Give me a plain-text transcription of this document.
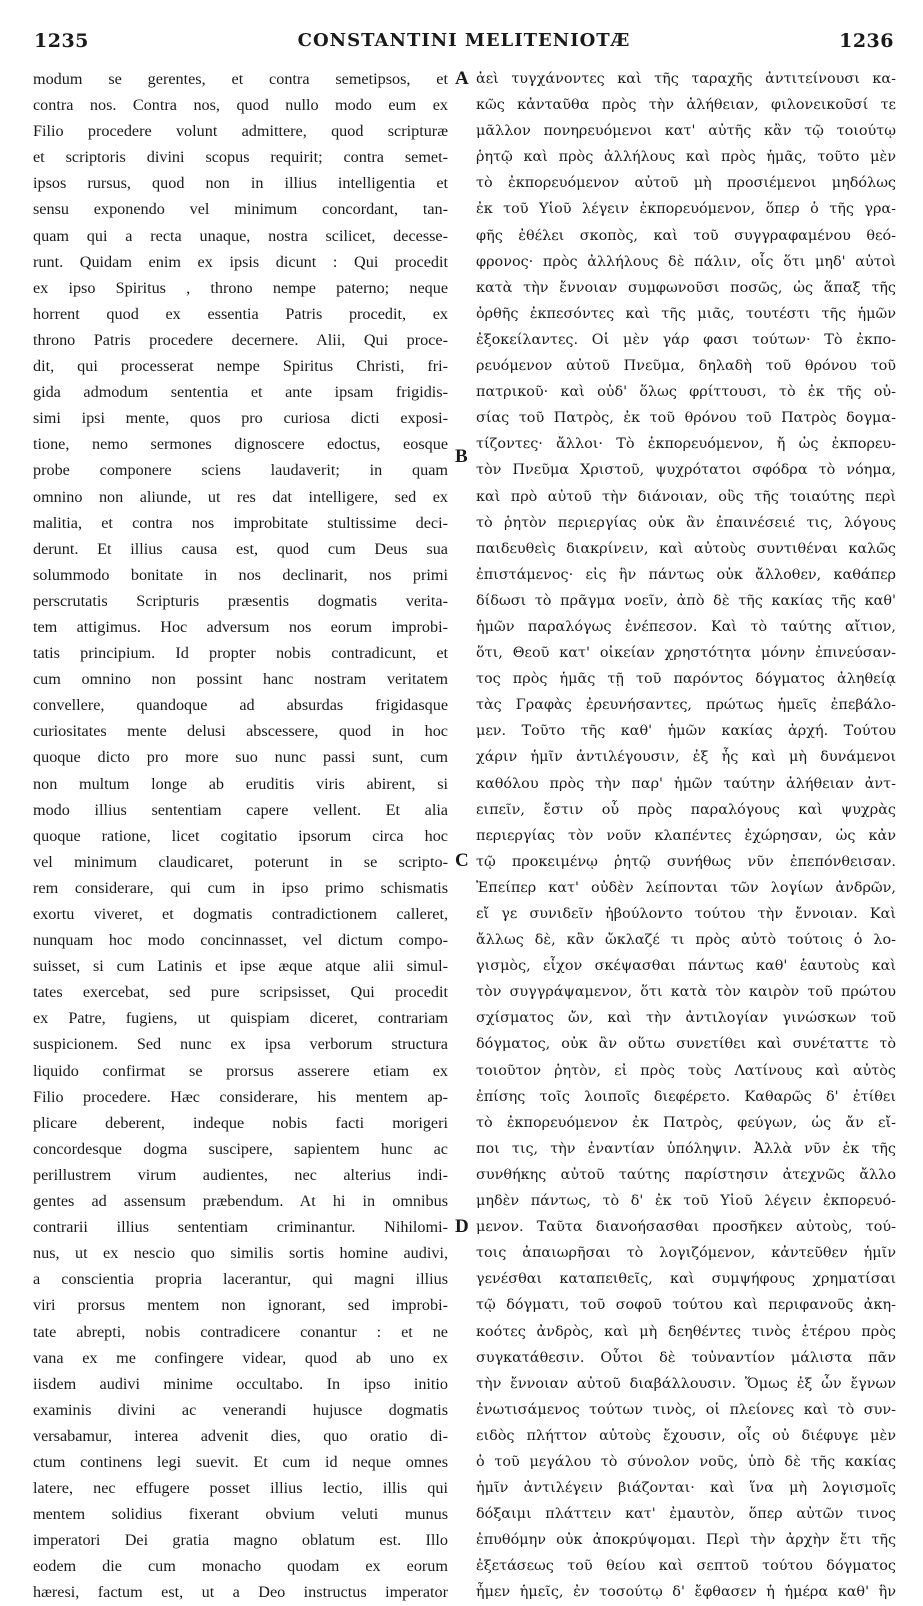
1235	CONSTANTINI MELITENIOTÆ	1236
modum se gerentes, et contra semetipsos, et
contra nos. Contra nos, quod nullo modo eum ex
Filio procedere volunt admittere, quod scripturæ
et scriptoris divini scopus requirit; contra semet-
ipsos rursus, quod non in illius intelligentia et
sensu exponendo vel minimum concordant, tan-
quam qui a recta unaque, nostra scilicet, decesse-
runt. Quidam enim ex ipsis dicunt : Qui procedit
ex ipso Spiritus , throno nempe paterno; neque
horrent quod ex essentia Patris procedit, ex
throno Patris procedere decernere. Alii, Qui proce-
dit, qui processerat nempe Spiritus Christi, fri-
gida admodum sententia et ante ipsam frigidis-
simi ipsi mente, quos pro curiosa dicti exposi-
tione, nemo sermones dignoscere edoctus, eosque
probe componere sciens laudaverit; in quam
omnino non aliunde, ut res dat intelligere, sed ex
malitia, et contra nos improbitate stultissime deci-
derunt. Et illius causa est, quod cum Deus sua
solummodo bonitate in nos declinarit, nos primi
perscrutatis Scripturis præsentis dogmatis verita-
tem attigimus. Hoc adversum nos eorum improbi-
tatis principium. Id propter nobis contradicunt, et
cum omnino non possint hanc nostram veritatem
convellere, quandoque ad absurdas frigidasque
curiositates mente delusi abscessere, quod in hoc
quoque dicto pro more suo nunc passi sunt, cum
non multum longe ab eruditis viris abirent, si
modo illius sententiam capere vellent. Et alia
quoque ratione, licet cogitatio ipsorum circa hoc
vel minimum claudicaret, poterunt in se scripto-
rem considerare, qui cum in ipso primo schismatis
exortu viveret, et dogmatis contradictionem calleret,
nunquam hoc modo concinnasset, vel dictum compo-
suisset, si cum Latinis et ipse æque atque alii simul-
tates exercebat, sed pure scripsisset, Qui procedit
ex Patre, fugiens, ut quispiam diceret, contrariam
suspicionem. Sed nunc ex ipsa verborum structura
liquido confirmat se prorsus asserere etiam ex
Filio procedere. Hæc considerare, his mentem ap-
plicare deberent, indeque nobis facti morigeri
concordesque dogma suscipere, sapientem hunc ac
perillustrem virum audientes, nec alterius indi-
gentes ad assensum præbendum. At hi in omnibus
contrarii illius sententiam criminantur. Nihilomi-
nus, ut ex nescio quo similis sortis homine audivi,
a conscientia propria lacerantur, qui magni illius
viri prorsus mentem non ignorant, sed improbi-
tate abrepti, nobis contradicere conantur : et ne
vana ex me confingere videar, quod ab uno ex
iisdem audivi minime occultabo. In ipso initio
examinis divini ac venerandi hujusce dogmatis
versabamur, interea advenit dies, quo oratio di-
ctum continens legi suevit. Et cum id neque omnes
latere, nec effugere posset illius lectio, illis qui
mentem solidius fixerant obvium veluti munus
imperatori Dei gratia magno oblatum est. Illo
eodem die cum monacho quodam ex eorum
hæresi, factum est, ut a Deo instructus imperator
ἀεὶ τυγχάνοντες καὶ τῆς ταραχῆς ἀντιτείνουσι κα-
κῶς κἀνταῦθα πρὸς τὴν ἀλήθειαν, φιλονεικοῦσί τε
μᾶλλον πονηρευόμενοι κατ' αὐτῆς κἂν τῷ τοιούτῳ
ῥητῷ καὶ πρὸς ἀλλήλους καὶ πρὸς ἡμᾶς, τοῦτο μὲν
τὸ ἐκπορευόμενον αὐτοῦ μὴ προσιέμενοι μηδόλως
ἐκ τοῦ Υἱοῦ λέγειν ἐκπορευόμενον, ὅπερ ὁ τῆς γρα-
φῆς ἐθέλει σκοπὸς, καὶ τοῦ συγγραφαμένου θεό-
φρονος· πρὸς ἀλλήλους δὲ πάλιν, οἷς ὅτι μηδ' αὐτοὶ
κατὰ τὴν ἔννοιαν συμφωνοῦσι ποσῶς, ὡς ἅπαξ τῆς
ὀρθῆς ἐκπεσόντες καὶ τῆς μιᾶς, τουτέστι τῆς ἡμῶν
ἐξοκείλαντες. Οἱ μὲν γάρ φασι τούτων· Τὸ ἐκπο-
ρευόμενον αὐτοῦ Πνεῦμα, δηλαδὴ τοῦ θρόνου τοῦ
πατρικοῦ· καὶ οὐδ' ὅλως φρίττουσι, τὸ ἐκ τῆς οὐ-
σίας τοῦ Πατρὸς, ἐκ τοῦ θρόνου τοῦ Πατρὸς δογμα-
τίζοντες· ἄλλοι· Τὸ ἐκπορευόμενον, ἤ ὡς ἐκπορευ-
τὸν Πνεῦμα Χριστοῦ, ψυχρότατοι σφόδρα τὸ νόημα,
καὶ πρὸ αὐτοῦ τὴν διάνοιαν, οὓς τῆς τοιαύτης περὶ
τὸ ῥητὸν περιεργίας οὐκ ἂν ἐπαινέσειέ τις, λόγους
παιδευθεὶς διακρίνειν, καὶ αὐτοὺς συντιθέναι καλῶς
ἐπιστάμενος· εἰς ἣν πάντως οὐκ ἄλλοθεν, καθάπερ
δίδωσι τὸ πρᾶγμα νοεῖν, ἀπὸ δὲ τῆς κακίας τῆς καθ'
ἡμῶν παραλόγως ἐνέπεσον. Καὶ τὸ ταύτης αἴτιον,
ὅτι, Θεοῦ κατ' οἰκείαν χρηστότητα μόνην ἐπινεύσαν-
τος πρὸς ἡμᾶς τῇ τοῦ παρόντος δόγματος ἀληθείᾳ
τὰς Γραφὰς ἐρευνήσαντες, πρώτως ἡμεῖς ἐπεβάλο-
μεν. Τοῦτο τῆς καθ' ἡμῶν κακίας ἀρχή. Τούτου
χάριν ἡμῖν ἀντιλέγουσιν, ἐξ ἧς καὶ μὴ δυνάμενοι
καθόλου πρὸς τὴν παρ' ἡμῶν ταύτην ἀλήθειαν ἀντ-
ειπεῖν, ἔστιν οὗ πρὸς παραλόγους καὶ ψυχρὰς
περιεργίας τὸν νοῦν κλαπέντες ἐχώρησαν, ὡς κἀν
τῷ προκειμένῳ ῥητῷ συνήθως νῦν ἐπεπόνθεισαν.
Ἐπείπερ κατ' οὐδὲν λείπονται τῶν λογίων ἀνδρῶν,
εἴ γε συνιδεῖν ἠβούλοντο τούτου τὴν ἔννοιαν. Καὶ
ἄλλως δὲ, κἂν ὤκλαζέ τι πρὸς αὐτὸ τούτοις ὁ λο-
γισμὸς, εἶχον σκέψασθαι πάντως καθ' ἑαυτοὺς καὶ
τὸν συγγράψαμενον, ὅτι κατὰ τὸν καιρὸν τοῦ πρώτου
σχίσματος ὤν, καὶ τὴν ἀντιλογίαν γινώσκων τοῦ
δόγματος, οὐκ ἂν οὕτω συνετίθει καὶ συνέταττε τὸ
τοιοῦτον ῥητὸν, εἰ πρὸς τοὺς Λατίνους καὶ αὐτὸς
ἐπίσης τοῖς λοιποῖς διεφέρετο. Καθαρῶς δ' ἐτίθει
τὸ ἐκπορευόμενον ἐκ Πατρὸς, φεύγων, ὡς ἄν εἴ-
ποι τις, τὴν ἐναντίαν ὑπόληψιν. Ἀλλὰ νῦν ἐκ τῆς
συνθήκης αὐτοῦ ταύτης παρίστησιν ἀτεχνῶς ἄλλο
μηδὲν πάντως, τὸ δ' ἐκ τοῦ Υἱοῦ λέγειν ἐκπορευό-
μενον. Ταῦτα διανοήσασθαι προσῆκεν αὐτοὺς, τού-
τοις ἀπαιωρῆσαι τὸ λογιζόμενον, κἀντεῦθεν ἡμῖν
γενέσθαι καταπειθεῖς, καὶ συμψήφους χρηματίσαι
τῷ δόγματι, τοῦ σοφοῦ τούτου καὶ περιφανοῦς ἀκη-
κοότες ἀνδρὸς, καὶ μὴ δεηθέντες τινὸς ἑτέρου πρὸς
συγκατάθεσιν. Οὗτοι δὲ τοὐναντίον μάλιστα πᾶν
τὴν ἔννοιαν αὐτοῦ διαβάλλουσιν. Ὅμως ἐξ ὧν ἔγνων
ἐνωτισάμενος τούτων τινὸς, οἱ πλείονες καὶ τὸ συν-
ειδὸς πλήττον αὐτοὺς ἔχουσιν, οἷς οὐ διέφυγε μὲν
ὁ τοῦ μεγάλου τὸ σύνολον νοῦς, ὑπὸ δὲ τῆς κακίας
ἡμῖν ἀντιλέγειν βιάζονται· καὶ ἵνα μὴ λογισμοῖς
δόξαιμι πλάττειν κατ' ἐμαυτὸν, ὅπερ αὐτῶν τινος
ἐπυθόμην οὐκ ἀποκρύψομαι. Περὶ τὴν ἀρχὴν ἔτι τῆς
ἐξετάσεως τοῦ θείου καὶ σεπτοῦ τούτου δόγματος
ἦμεν ἡμεῖς, ἐν τοσούτῳ δ' ἔφθασεν ἡ ἡμέρα καθ' ἣν
A
B
C
D
